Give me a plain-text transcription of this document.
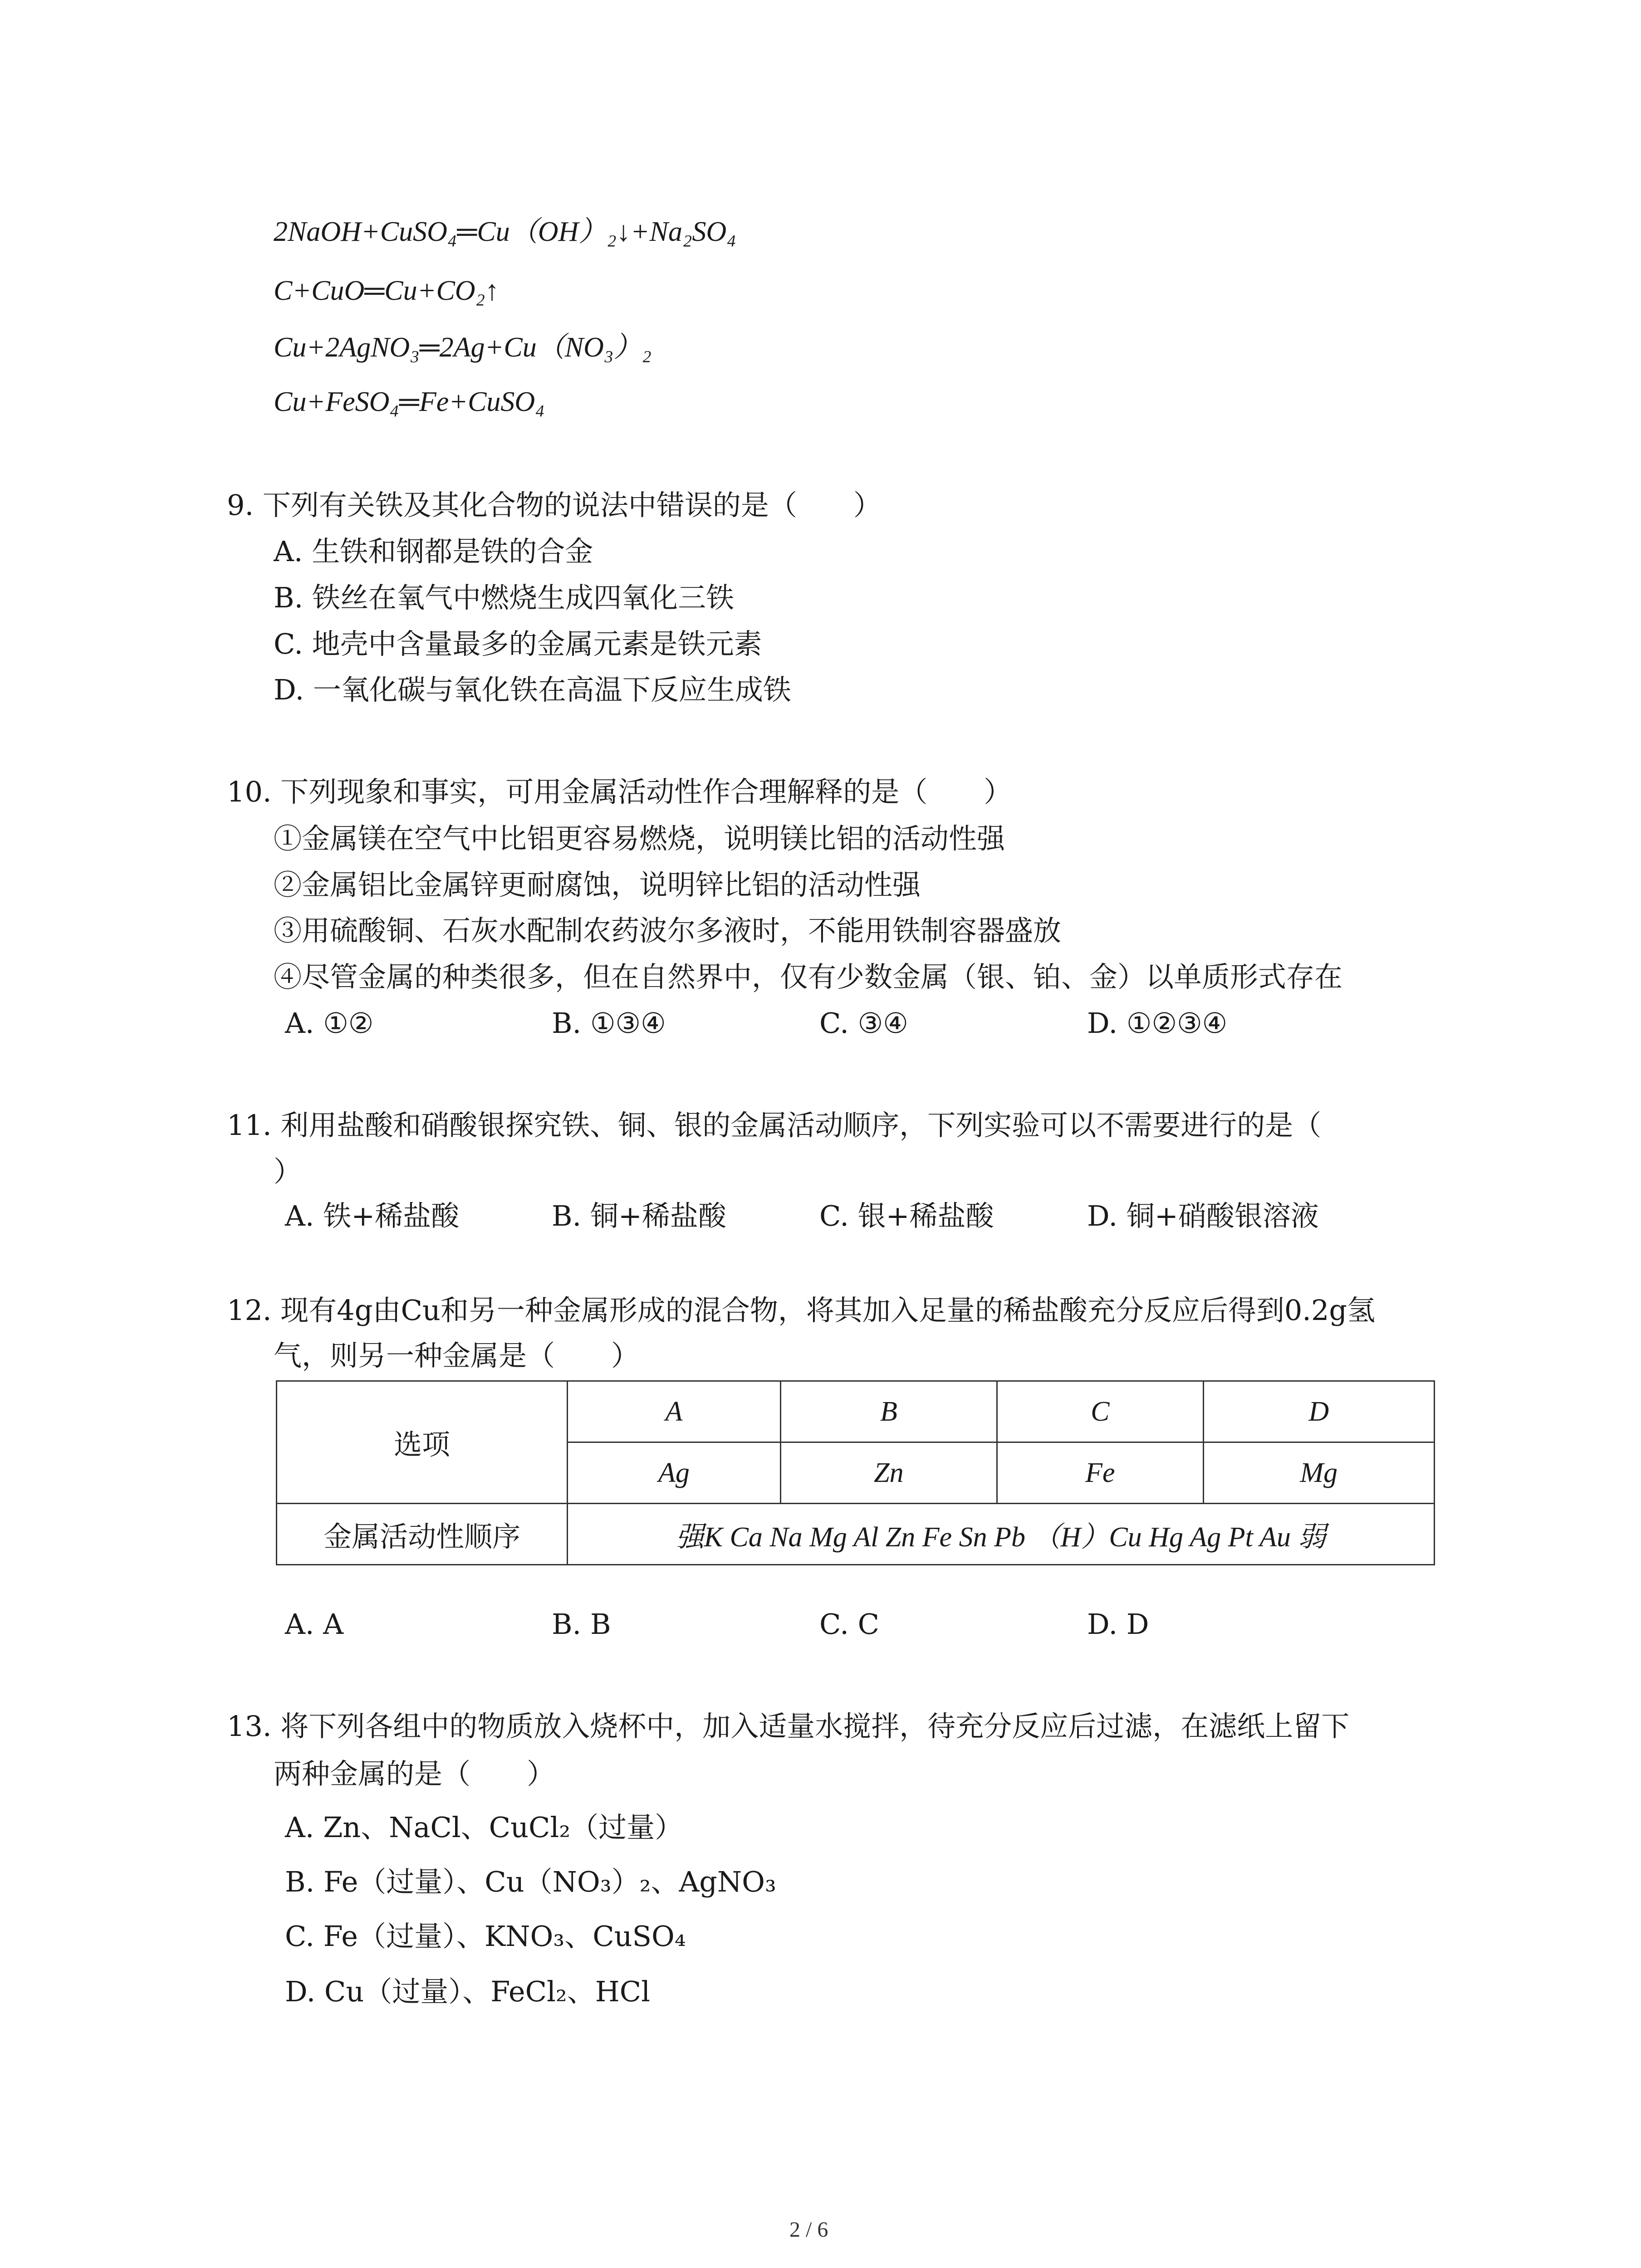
2NaOH+CuSO₄═Cu（OH）₂↓+Na₂SO₄
C+CuO═Cu+CO₂↑
Cu+2AgNO₃═2Ag+Cu（NO₃）₂
Cu+FeSO₄═Fe+CuSO₄
9. 下列有关铁及其化合物的说法中错误的是（　　）
A. 生铁和钢都是铁的合金
B. 铁丝在氧气中燃烧生成四氧化三铁
C. 地壳中含量最多的金属元素是铁元素
D. 一氧化碳与氧化铁在高温下反应生成铁
10. 下列现象和事实，可用金属活动性作合理解释的是（　　）
①金属镁在空气中比铝更容易燃烧，说明镁比铝的活动性强
②金属铝比金属锌更耐腐蚀，说明锌比铝的活动性强
③用硫酸铜、石灰水配制农药波尔多液时，不能用铁制容器盛放
④尽管金属的种类很多，但在自然界中，仅有少数金属（银、铂、金）以单质形式存在
A. ①②	B. ①③④	C. ③④	D. ①②③④
11. 利用盐酸和硝酸银探究铁、铜、银的金属活动顺序，下列实验可以不需要进行的是（
）
A. 铁+稀盐酸	B. 铜+稀盐酸	C. 银+稀盐酸	D. 铜+硝酸银溶液
12. 现有4g由Cu和另一种金属形成的混合物，将其加入足量的稀盐酸充分反应后得到0.2g氢
气，则另一种金属是（　　）
选项	A	B	C	D
	Ag	Zn	Fe	Mg
金属活动性顺序	强K Ca Na Mg Al Zn Fe Sn Pb （H）Cu Hg Ag Pt Au 弱			
A. A	B. B	C. C	D. D
13. 将下列各组中的物质放入烧杯中，加入适量水搅拌，待充分反应后过滤，在滤纸上留下
两种金属的是（　　）
A. Zn、NaCl、CuCl₂（过量）
B. Fe（过量）、Cu（NO₃）₂、AgNO₃
C. Fe（过量）、KNO₃、CuSO₄
D. Cu（过量）、FeCl₂、HCl
2 / 6
